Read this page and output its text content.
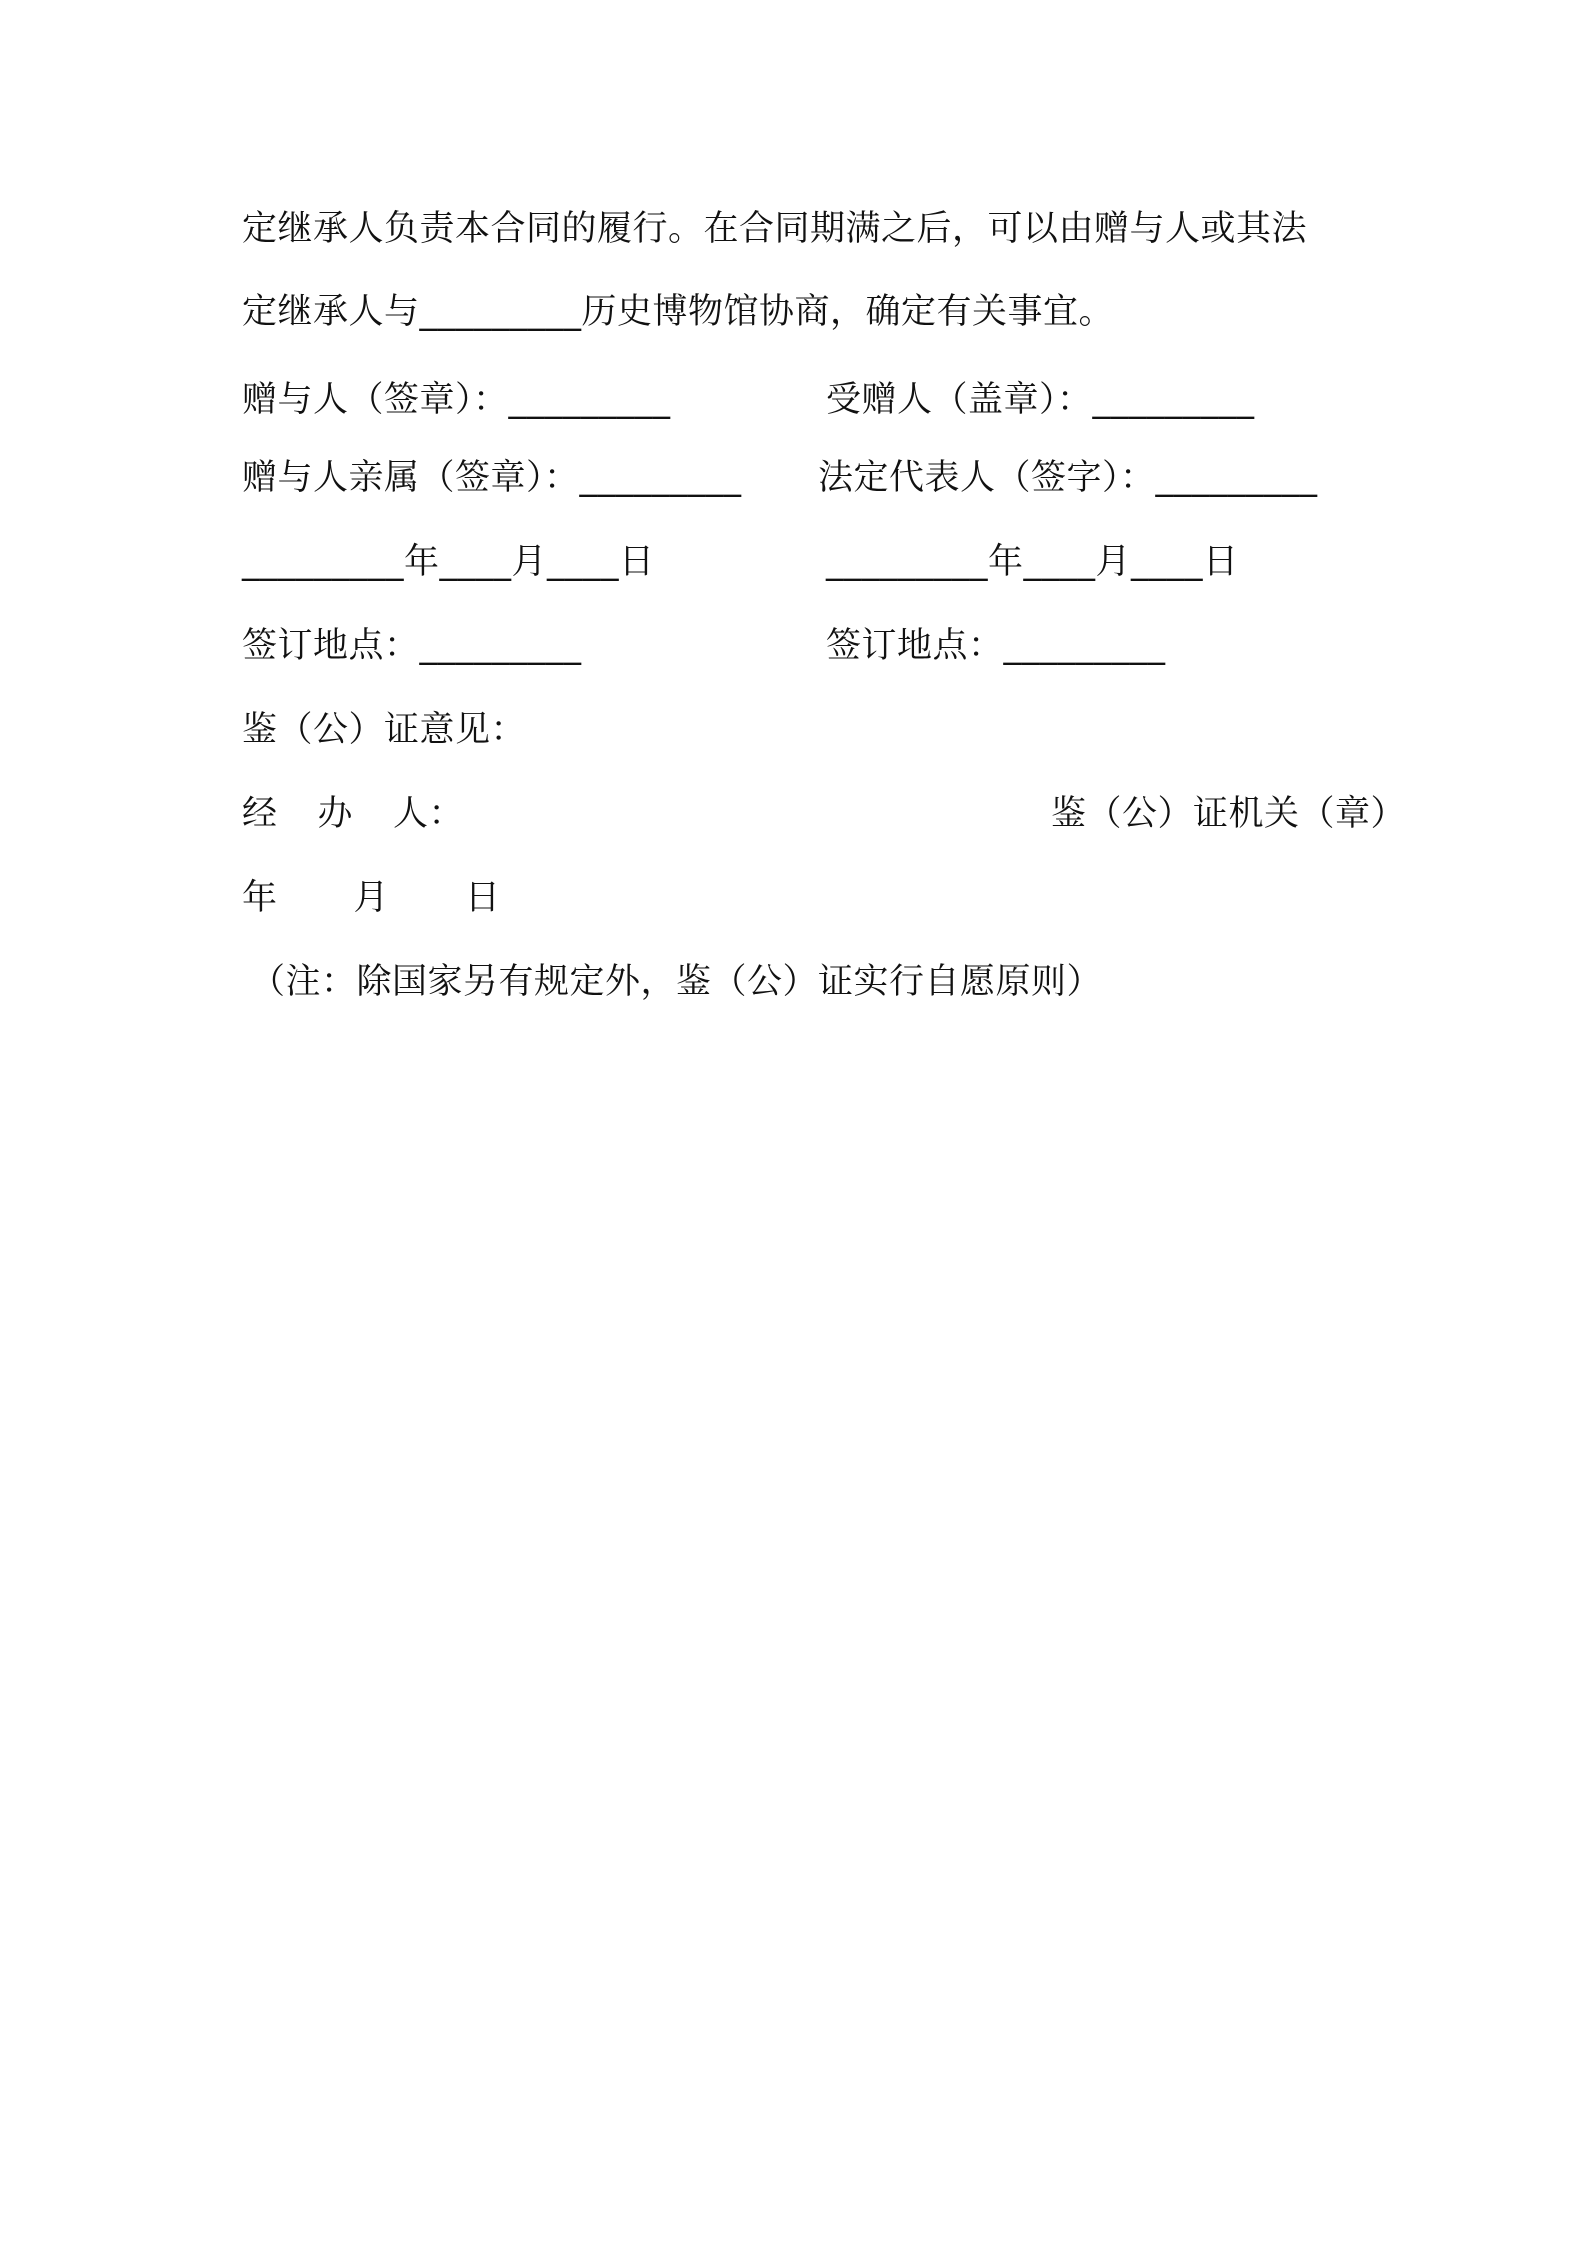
定继承人负责本合同的履行。在合同期满之后，可以由赠与人或其法
定继承人与_________历史博物馆协商，确定有关事宜。
赠与人（签章）：_________	受赠人（盖章）：_________
赠与人亲属（签章）：_________ 法定代表人（签字）：_________
_________年____月____日	_________年____月____日
签订地点：_________	签订地点：_________
鉴（公）证意见：
经 办 人：	鉴（公）证机关（章）
年 月 日
（注：除国家另有规定外，鉴（公）证实行自愿原则）
